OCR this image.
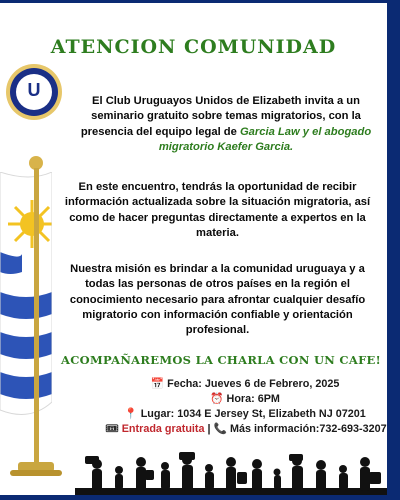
ATENCION COMUNIDAD
U
El Club Uruguayos Unidos de Elizabeth invita a un seminario gratuito sobre temas migratorios, con la presencia del equipo legal de Garcia Law y el abogado migratorio Kaefer Garcia.
En este encuentro, tendrás la oportunidad de recibir información actualizada sobre la situación migratoria, así como de hacer preguntas directamente a expertos en la materia.
Nuestra misión es brindar a la comunidad uruguaya y a todas las personas de otros países en la región el conocimiento necesario para afrontar cualquier desafío migratorio con información confiable y orientación profesional.
ACOMPAÑAREMOS LA CHARLA CON UN CAFE!
📅 Fecha: Jueves 6 de Febrero, 2025
⏰ Hora: 6PM
📍 Lugar: 1034 E Jersey St, Elizabeth NJ 07201
🎟 Entrada gratuita | 📞 Más información:732-693-3207
